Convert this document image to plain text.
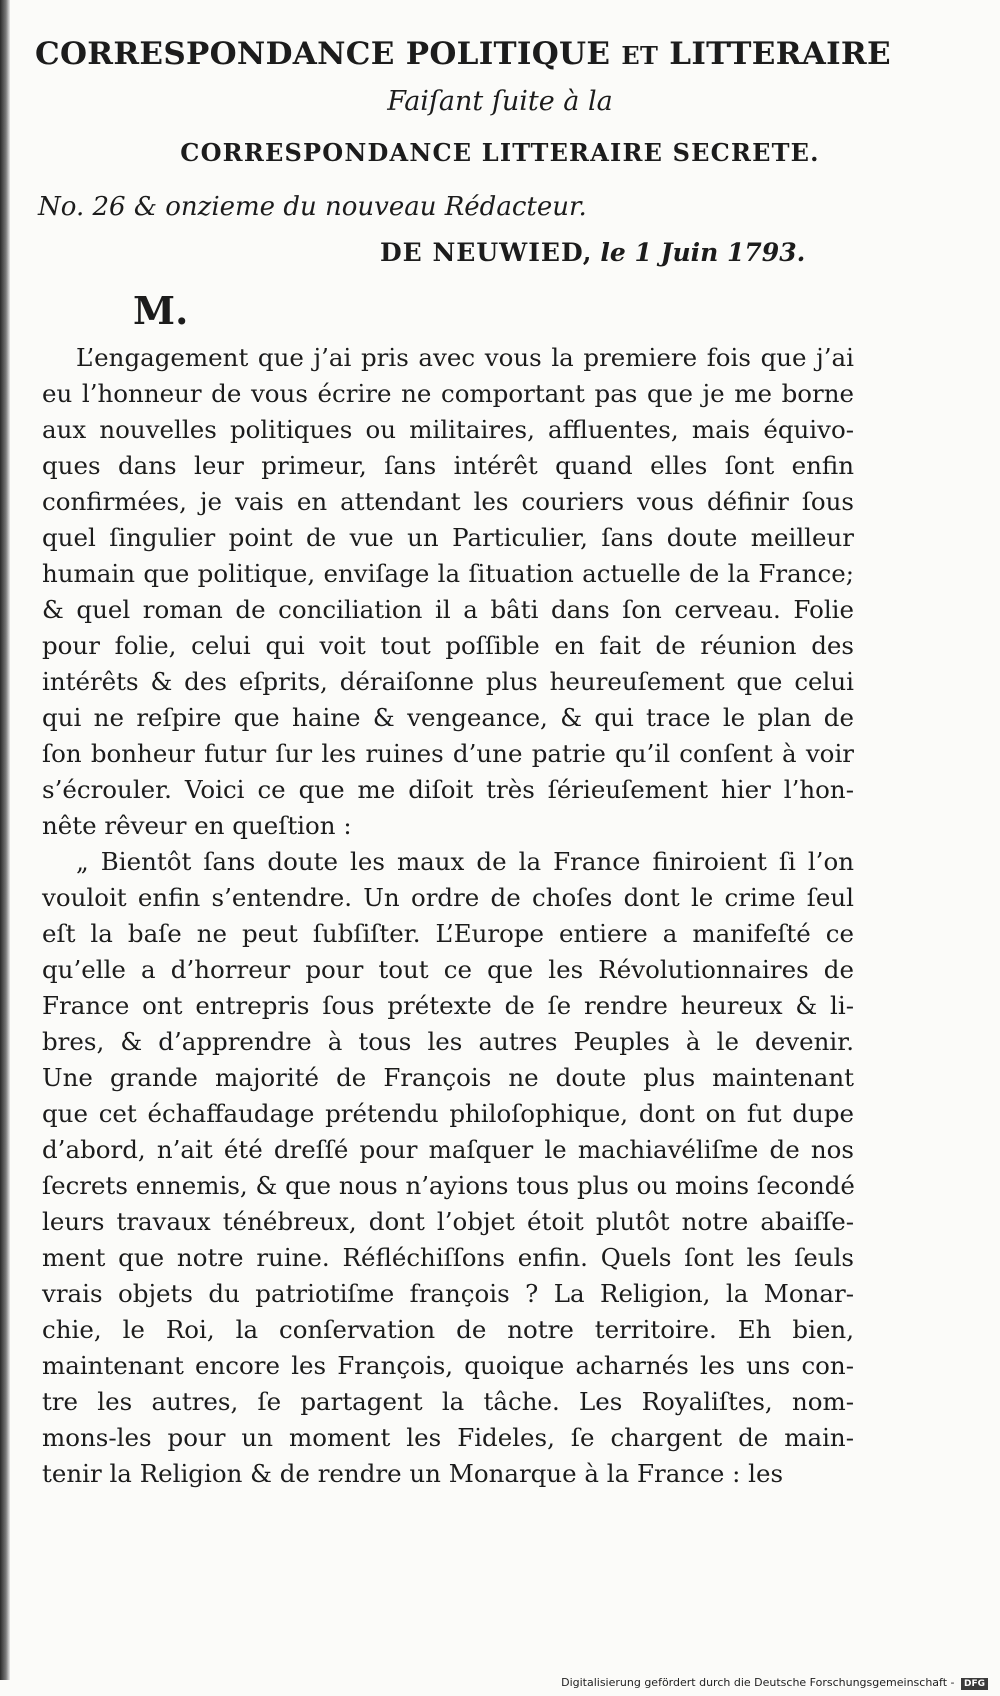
CORRESPONDANCE POLITIQUE ET LITTERAIRE
Faiſant ſuite à la
CORRESPONDANCE LITTERAIRE SECRETE.
No. 26 & onzieme du nouveau Rédacteur.
DE NEUWIED, le 1 Juin 1793.
M.
L’engagement que j’ai pris avec vous la premiere fois que j’ai
eu l’honneur de vous écrire ne comportant pas que je me borne
aux nouvelles politiques ou militaires, affluentes, mais équivo-
ques dans leur primeur, ſans intérêt quand elles ſont enfin
confirmées, je vais en attendant les couriers vous définir ſous
quel ſingulier point de vue un Particulier, ſans doute meilleur
humain que politique, enviſage la ſituation actuelle de la France;
& quel roman de conciliation il a bâti dans ſon cerveau. Folie
pour folie, celui qui voit tout poſſible en fait de réunion des
intérêts & des eſprits, déraiſonne plus heureuſement que celui
qui ne reſpire que haine & vengeance, & qui trace le plan de
ſon bonheur futur ſur les ruines d’une patrie qu’il conſent à voir
s’écrouler. Voici ce que me diſoit très ſérieuſement hier l’hon-
nête rêveur en queſtion :
„ Bientôt ſans doute les maux de la France finiroient ſi l’on
vouloit enfin s’entendre. Un ordre de choſes dont le crime ſeul
eſt la baſe ne peut ſubſiſter. L’Europe entiere a manifeſté ce
qu’elle a d’horreur pour tout ce que les Révolutionnaires de
France ont entrepris ſous prétexte de ſe rendre heureux & li-
bres, & d’apprendre à tous les autres Peuples à le devenir.
Une grande majorité de François ne doute plus maintenant
que cet échaffaudage prétendu philoſophique, dont on fut dupe
d’abord, n’ait été dreſſé pour maſquer le machiavéliſme de nos
ſecrets ennemis, & que nous n’ayions tous plus ou moins ſecondé
leurs travaux ténébreux, dont l’objet étoit plutôt notre abaiſſe-
ment que notre ruine. Réfléchiſſons enfin. Quels ſont les ſeuls
vrais objets du patriotiſme françois ? La Religion, la Monar-
chie, le Roi, la conſervation de notre territoire. Eh bien,
maintenant encore les François, quoique acharnés les uns con-
tre les autres, ſe partagent la tâche. Les Royaliſtes, nom-
mons-les pour un moment les Fideles, ſe chargent de main-
tenir la Religion & de rendre un Monarque à la France : les
Digitalisierung gefördert durch die Deutsche Forschungsgemeinschaft - DFG
